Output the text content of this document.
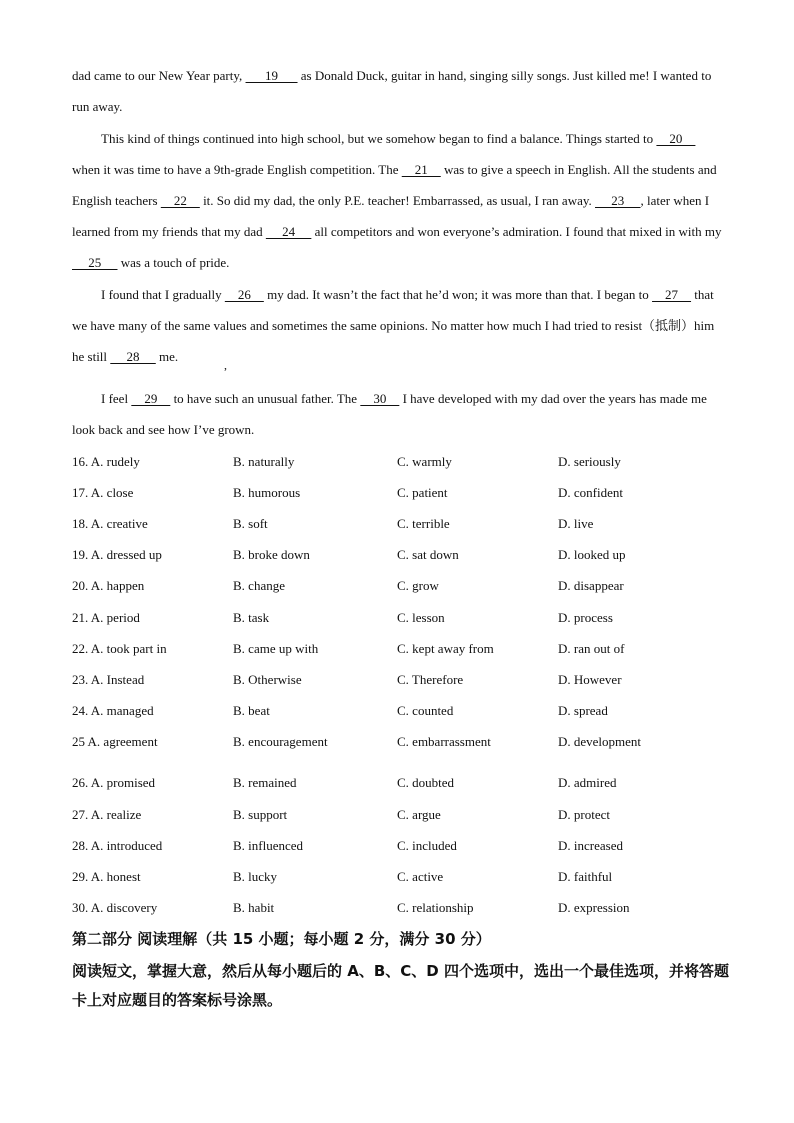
dad came to our New Year party,       19       as Donald Duck, guitar in hand, singing silly songs. Just killed me! I wanted to run away.

This kind of things continued into high school, but we somehow began to find a balance. Things started to     20     when it was time to have a 9th-grade English competition. The     21     was to give a speech in English. All the students and English teachers     22     it. So did my dad, the only P.E. teacher! Embarrassed, as usual, I ran away.      23     , later when I learned from my friends that my dad      24      all competitors and won everyone’s admiration. I found that mixed in with my      25      was a touch of pride.

I found that I gradually     26     my dad. It wasn’t the fact that he’d won; it was more than that. I began to     27     that we have many of the same values and sometimes the same opinions. No matter how much I had tried to resist（抵制）him he still      28      me.

,

I feel     29     to have such an unusual father. The     30     I have developed with my dad over the years has made me look back and see how I’ve grown.

16. A. rudely	B. naturally	C. warmly	D. seriously
17. A. close	B. humorous	C. patient	D. confident
18. A. creative	B. soft	C. terrible	D. live
19. A. dressed up	B. broke down	C. sat down	D. looked up
20. A. happen	B. change	C. grow	D. disappear
21. A. period	B. task	C. lesson	D. process
22. A. took part in	B. came up with	C. kept away from	D. ran out of
23. A. Instead	B. Otherwise	C. Therefore	D. However
24. A. managed	B. beat	C. counted	D. spread
25 A. agreement	B. encouragement	C. embarrassment	D. development

26. A. promised	B. remained	C. doubted	D. admired
27. A. realize	B. support	C. argue	D. protect
28. A. introduced	B. influenced	C. included	D. increased
29. A. honest	B. lucky	C. active	D. faithful
30. A. discovery	B. habit	C. relationship	D. expression

第二部分 阅读理解（共 15 小题；每小题 2 分，满分 30 分）

阅读短文，掌握大意，然后从每小题后的 A、B、C、D 四个选项中，选出一个最佳选项，并将答题卡上对应题目的答案标号涂黑。
